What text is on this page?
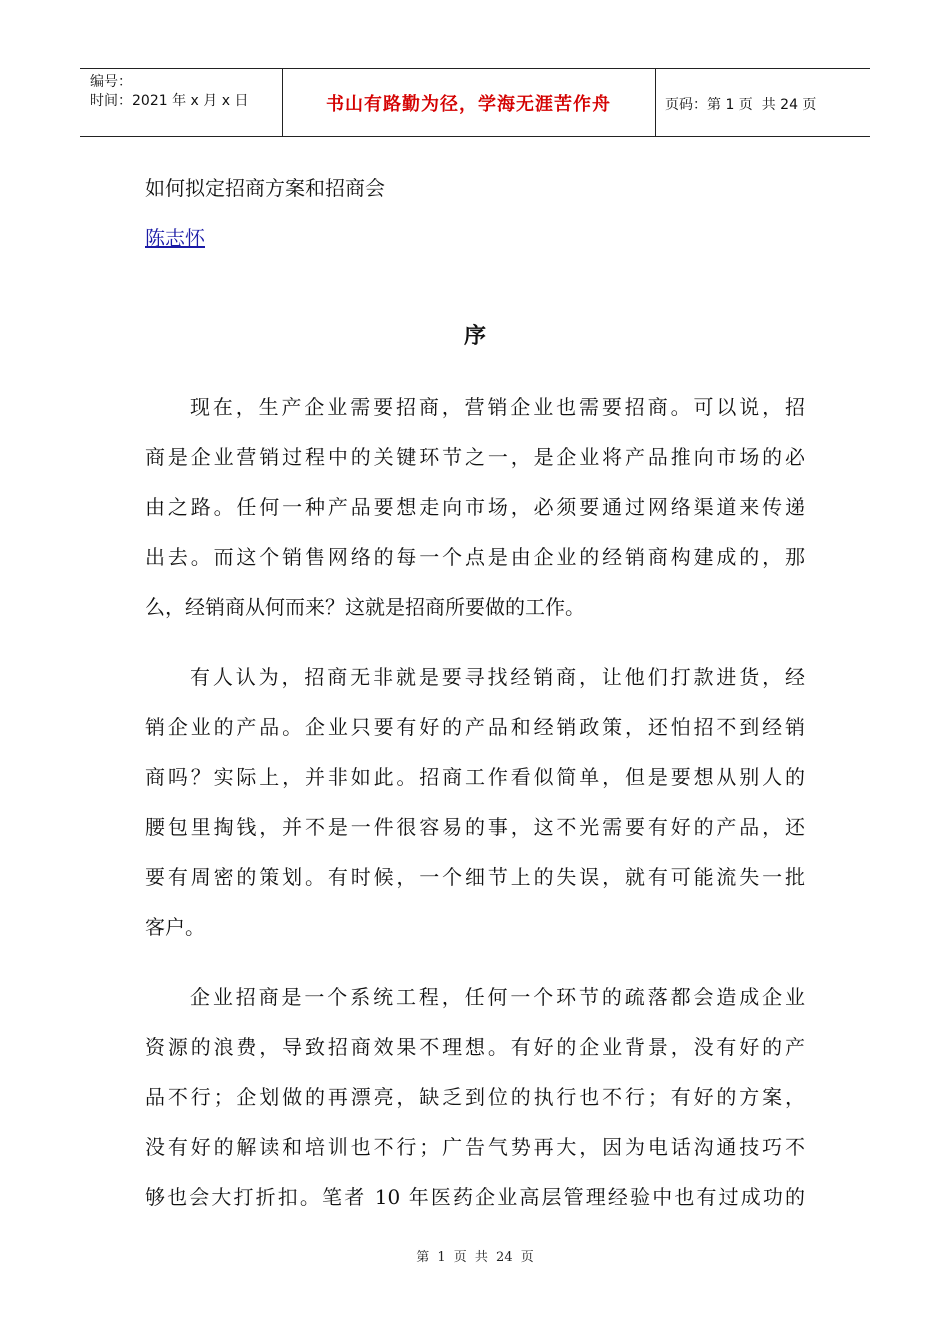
编号：
时间：2021 年 x 月 x 日	书山有路勤为径，学海无涯苦作舟	页码：第 1 页  共 24 页
如何拟定招商方案和招商会
陈志怀
序
现在，生产企业需要招商，营销企业也需要招商。可以说，招
商是企业营销过程中的关键环节之一，是企业将产品推向市场的必
由之路。任何一种产品要想走向市场，必须要通过网络渠道来传递
出去。而这个销售网络的每一个点是由企业的经销商构建成的，那
么，经销商从何而来？这就是招商所要做的工作。
有人认为，招商无非就是要寻找经销商，让他们打款进货，经
销企业的产品。企业只要有好的产品和经销政策，还怕招不到经销
商吗？实际上，并非如此。招商工作看似简单，但是要想从别人的
腰包里掏钱，并不是一件很容易的事，这不光需要有好的产品，还
要有周密的策划。有时候，一个细节上的失误，就有可能流失一批
客户。
企业招商是一个系统工程，任何一个环节的疏落都会造成企业
资源的浪费，导致招商效果不理想。有好的企业背景，没有好的产
品不行；企划做的再漂亮，缺乏到位的执行也不行；有好的方案，
没有好的解读和培训也不行；广告气势再大，因为电话沟通技巧不
够也会大打折扣。笔者 10 年医药企业高层管理经验中也有过成功的
第 1 页 共 24 页
